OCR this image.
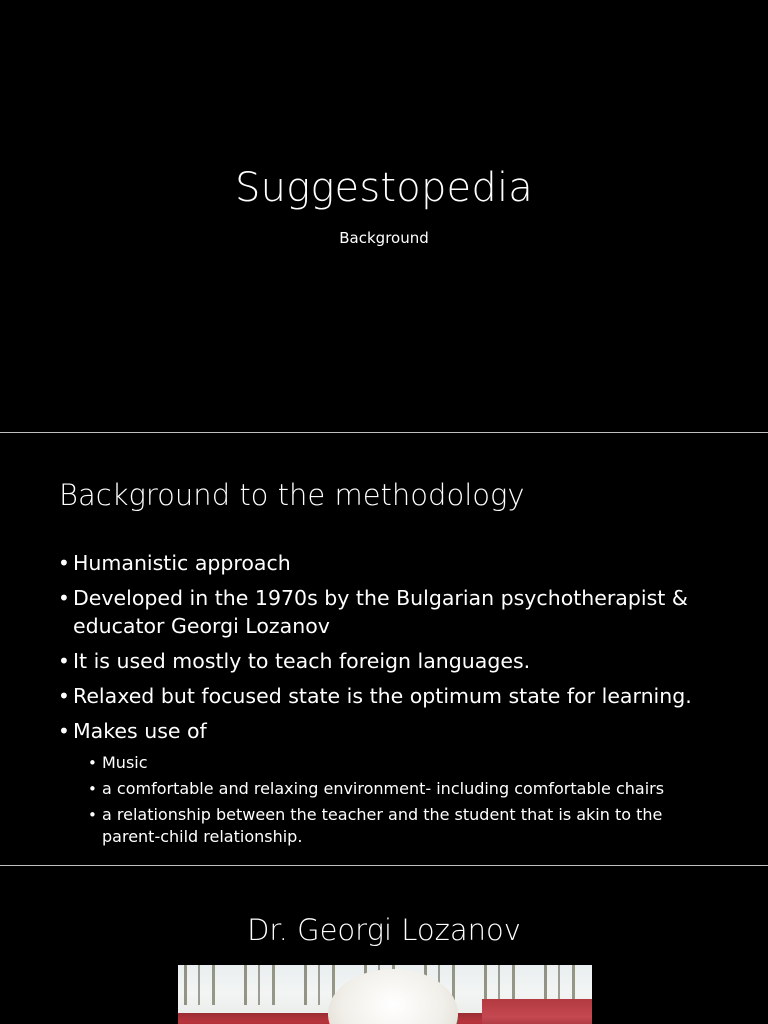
Suggestopedia
Background
Background to the methodology
• Humanistic approach
• Developed in the 1970s by the Bulgarian psychotherapist & educator Georgi Lozanov
• It is used mostly to teach foreign languages.
• Relaxed but focused state is the optimum state for learning.
• Makes use of
• Music
• a comfortable and relaxing environment- including comfortable chairs
• a relationship between the teacher and the student that is akin to the parent-child relationship.
Dr. Georgi Lozanov
